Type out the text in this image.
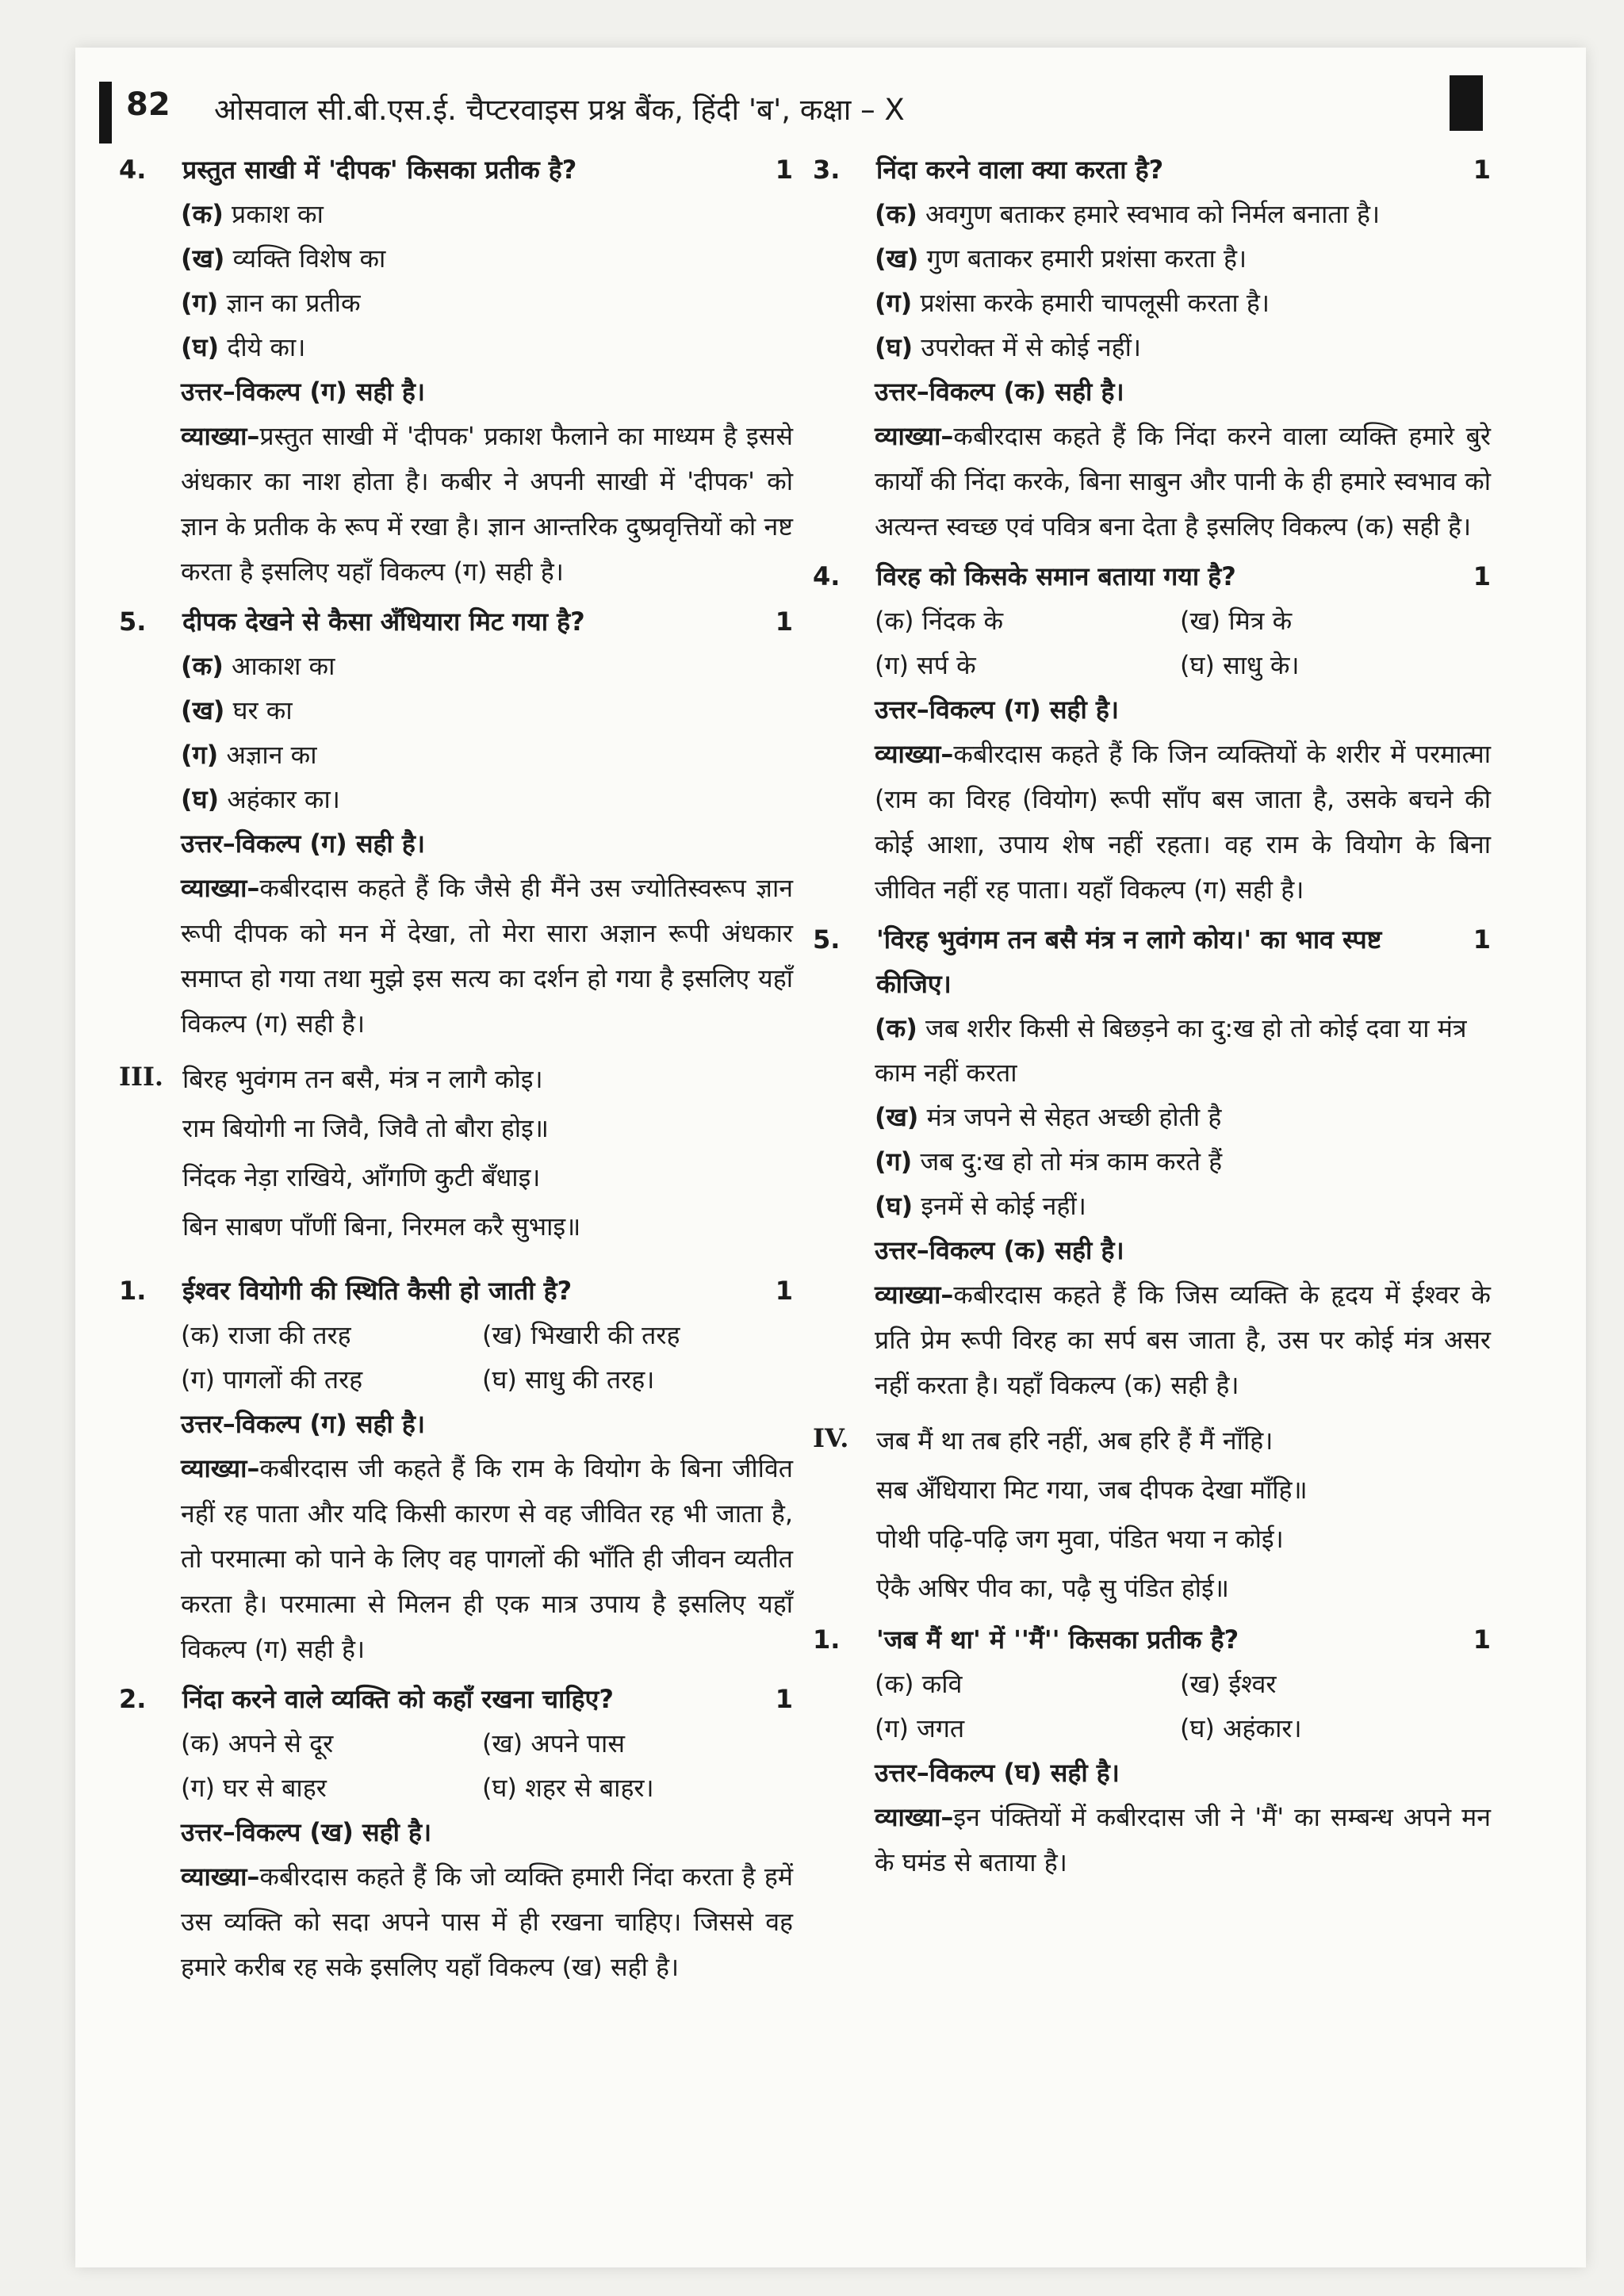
82 ओसवाल सी.बी.एस.ई. चैप्टरवाइस प्रश्न बैंक, हिंदी 'ब', कक्षा – X
4. प्रस्तुत साखी में 'दीपक' किसका प्रतीक है?	1
(क) प्रकाश का
(ख) व्यक्ति विशेष का
(ग) ज्ञान का प्रतीक
(घ) दीये का।
उत्तर–विकल्प (ग) सही है।
व्याख्या–प्रस्तुत साखी में 'दीपक' प्रकाश फैलाने का माध्यम है इससे अंधकार का नाश होता है। कबीर ने अपनी साखी में 'दीपक' को ज्ञान के प्रतीक के रूप में रखा है। ज्ञान आन्तरिक दुष्प्रवृत्तियों को नष्ट करता है इसलिए यहाँ विकल्प (ग) सही है।
5. दीपक देखने से कैसा अँधियारा मिट गया है?	1
(क) आकाश का
(ख) घर का
(ग) अज्ञान का
(घ) अहंकार का।
उत्तर–विकल्प (ग) सही है।
व्याख्या–कबीरदास कहते हैं कि जैसे ही मैंने उस ज्योतिस्वरूप ज्ञान रूपी दीपक को मन में देखा, तो मेरा सारा अज्ञान रूपी अंधकार समाप्त हो गया तथा मुझे इस सत्य का दर्शन हो गया है इसलिए यहाँ विकल्प (ग) सही है।
III. बिरह भुवंगम तन बसै, मंत्र न लागै कोइ।
राम बियोगी ना जिवै, जिवै तो बौरा होइ॥
निंदक नेड़ा राखिये, आँगणि कुटी बँधाइ।
बिन साबण पाँणीं बिना, निरमल करै सुभाइ॥
1. ईश्वर वियोगी की स्थिति कैसी हो जाती है?	1
(क) राजा की तरह	(ख) भिखारी की तरह
(ग) पागलों की तरह	(घ) साधु की तरह।
उत्तर–विकल्प (ग) सही है।
व्याख्या–कबीरदास जी कहते हैं कि राम के वियोग के बिना जीवित नहीं रह पाता और यदि किसी कारण से वह जीवित रह भी जाता है, तो परमात्मा को पाने के लिए वह पागलों की भाँति ही जीवन व्यतीत करता है। परमात्मा से मिलन ही एक मात्र उपाय है इसलिए यहाँ विकल्प (ग) सही है।
2. निंदा करने वाले व्यक्ति को कहाँ रखना चाहिए?	1
(क) अपने से दूर	(ख) अपने पास
(ग) घर से बाहर	(घ) शहर से बाहर।
उत्तर–विकल्प (ख) सही है।
व्याख्या–कबीरदास कहते हैं कि जो व्यक्ति हमारी निंदा करता है हमें उस व्यक्ति को सदा अपने पास में ही रखना चाहिए। जिससे वह हमारे करीब रह सके इसलिए यहाँ विकल्प (ख) सही है।
3. निंदा करने वाला क्या करता है?	1
(क) अवगुण बताकर हमारे स्वभाव को निर्मल बनाता है।
(ख) गुण बताकर हमारी प्रशंसा करता है।
(ग) प्रशंसा करके हमारी चापलूसी करता है।
(घ) उपरोक्त में से कोई नहीं।
उत्तर–विकल्प (क) सही है।
व्याख्या–कबीरदास कहते हैं कि निंदा करने वाला व्यक्ति हमारे बुरे कार्यों की निंदा करके, बिना साबुन और पानी के ही हमारे स्वभाव को अत्यन्त स्वच्छ एवं पवित्र बना देता है इसलिए विकल्प (क) सही है।
4. विरह को किसके समान बताया गया है?	1
(क) निंदक के	(ख) मित्र के
(ग) सर्प के	(घ) साधु के।
उत्तर–विकल्प (ग) सही है।
व्याख्या–कबीरदास कहते हैं कि जिन व्यक्तियों के शरीर में परमात्मा (राम का विरह (वियोग) रूपी साँप बस जाता है, उसके बचने की कोई आशा, उपाय शेष नहीं रहता। वह राम के वियोग के बिना जीवित नहीं रह पाता। यहाँ विकल्प (ग) सही है।
5. 'विरह भुवंगम तन बसै मंत्र न लागे कोय।' का भाव स्पष्ट कीजिए।
1
(क) जब शरीर किसी से बिछड़ने का दु:ख हो तो कोई दवा या मंत्र काम नहीं करता
(ख) मंत्र जपने से सेहत अच्छी होती है
(ग) जब दु:ख हो तो मंत्र काम करते हैं
(घ) इनमें से कोई नहीं।
उत्तर–विकल्प (क) सही है।
व्याख्या–कबीरदास कहते हैं कि जिस व्यक्ति के हृदय में ईश्वर के प्रति प्रेम रूपी विरह का सर्प बस जाता है, उस पर कोई मंत्र असर नहीं करता है। यहाँ विकल्प (क) सही है।
IV. जब मैं था तब हरि नहीं, अब हरि हैं मैं नाँहि।
सब अँधियारा मिट गया, जब दीपक देखा माँहि॥
पोथी पढ़ि-पढ़ि जग मुवा, पंडित भया न कोई।
ऐकै अषिर पीव का, पढ़ै सु पंडित होई॥
1. 'जब मैं था' में ''मैं'' किसका प्रतीक है?	1
(क) कवि	(ख) ईश्वर
(ग) जगत	(घ) अहंकार।
उत्तर–विकल्प (घ) सही है।
व्याख्या–इन पंक्तियों में कबीरदास जी ने 'मैं' का सम्बन्ध अपने मन के घमंड से बताया है।
